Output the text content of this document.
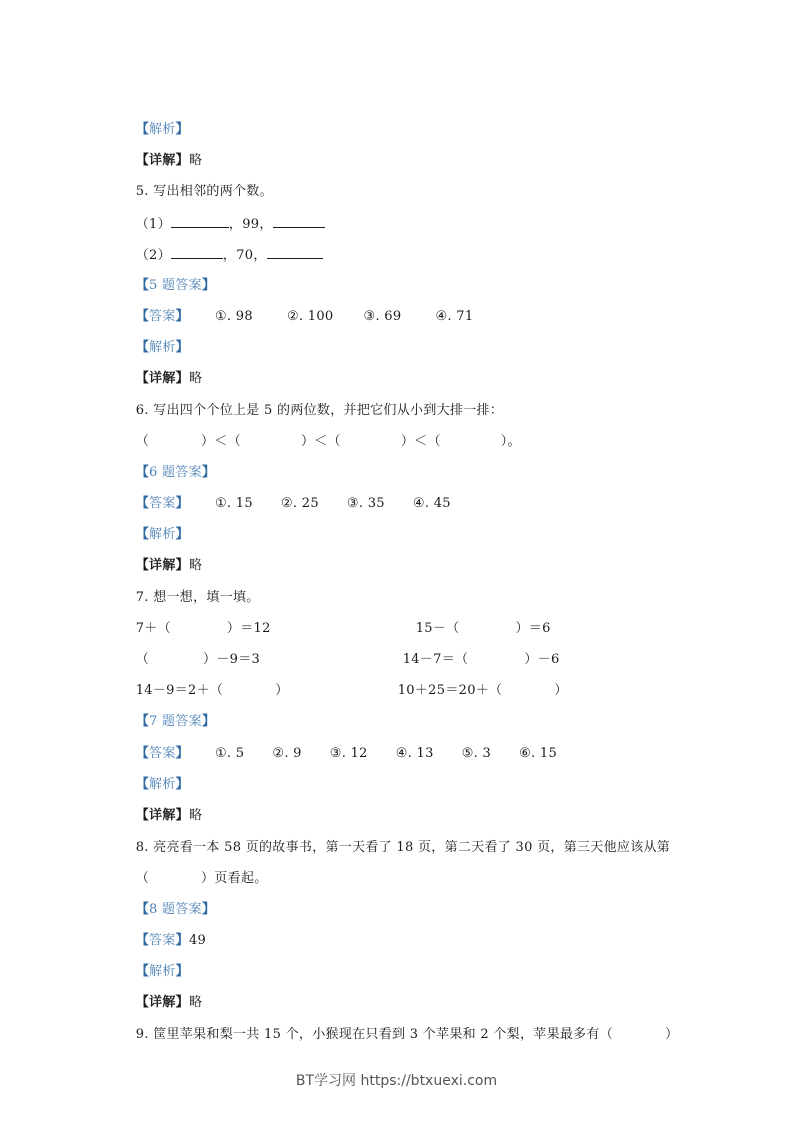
【解析】

【详解】略

5. 写出相邻的两个数。

（1）	，99，

（2）	，70，

【5 题答案】

【答案】 ①. 98	②. 100 ③. 69	④. 71

【解析】

【详解】略

6. 写出四个个位上是 5 的两位数，并把它们从小到大排一排：

（	）＜（	）＜（	）＜（	）。

【6 题答案】

【答案】 ①. 15 ②. 25 ③. 35 ④. 45

【解析】

【详解】略

7. 想一想，填一填。

7＋（	）＝12
	15－（	）＝6

（	）－9＝3
	14－7＝（	）－6

14－9＝2＋（	）
	10＋25＝20＋（	）

【7 题答案】

【答案】 ①. 5 ②. 9 ③. 12 ④. 13 ⑤. 3 ⑥. 15

【解析】

【详解】略

8. 亮亮看一本 58 页的故事书，第一天看了 18 页，第二天看了 30 页，第三天他应该从第

（	）页看起。

【8 题答案】

【答案】49

【解析】

【详解】略

9. 筐里苹果和梨一共 15 个，小猴现在只看到 3 个苹果和 2 个梨，苹果最多有（	）

BT学习网 https://btxuexi.com
